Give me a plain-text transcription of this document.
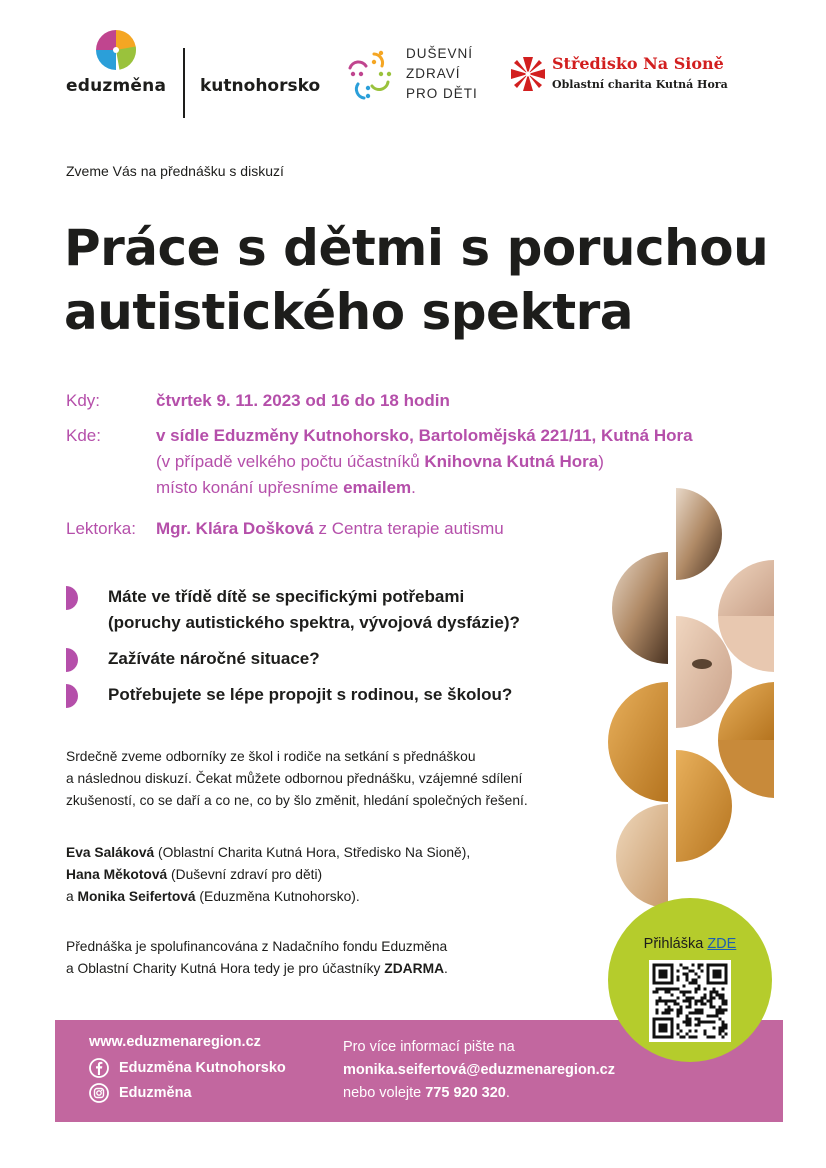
eduzměna kutnohorsko
DUŠEVNÍ
ZDRAVÍ
PRO DĚTI
Středisko Na Sioně
Oblastní charita Kutná Hora
Zveme Vás na přednášku s diskuzí
Práce s dětmi s poruchou
autistického spektra
Kdy:	čtvrtek 9. 11. 2023 od 16 do 18 hodin
Kde:	v sídle Eduzměny Kutnohorsko, Bartolomějská 221/11, Kutná Hora
(v případě velkého počtu účastníků Knihovna Kutná Hora)
místo konání upřesníme emailem.
Lektorka: Mgr. Klára Došková z Centra terapie autismu
Máte ve třídě dítě se specifickými potřebami
(poruchy autistického spektra, vývojová dysfázie)?
Zažíváte náročné situace?
Potřebujete se lépe propojit s rodinou, se školou?
Srdečně zveme odborníky ze škol i rodiče na setkání s přednáškou
a následnou diskuzí. Čekat můžete odbornou přednášku, vzájemné sdílení
zkušeností, co se daří a co ne, co by šlo změnit, hledání společných řešení.
Eva Saláková (Oblastní Charita Kutná Hora, Středisko Na Sioně),
Hana Měkotová (Duševní zdraví pro děti)
a Monika Seifertová (Eduzměna Kutnohorsko).
Přednáška je spolufinancována z Nadačního fondu Eduzměna
a Oblastní Charity Kutná Hora tedy je pro účastníky ZDARMA.
www.eduzmenaregion.cz
Eduzměna Kutnohorsko
Eduzměna
Pro více informací pište na
monika.seifertová@eduzmenaregion.cz
nebo volejte 775 920 320.
Přihláška ZDE
